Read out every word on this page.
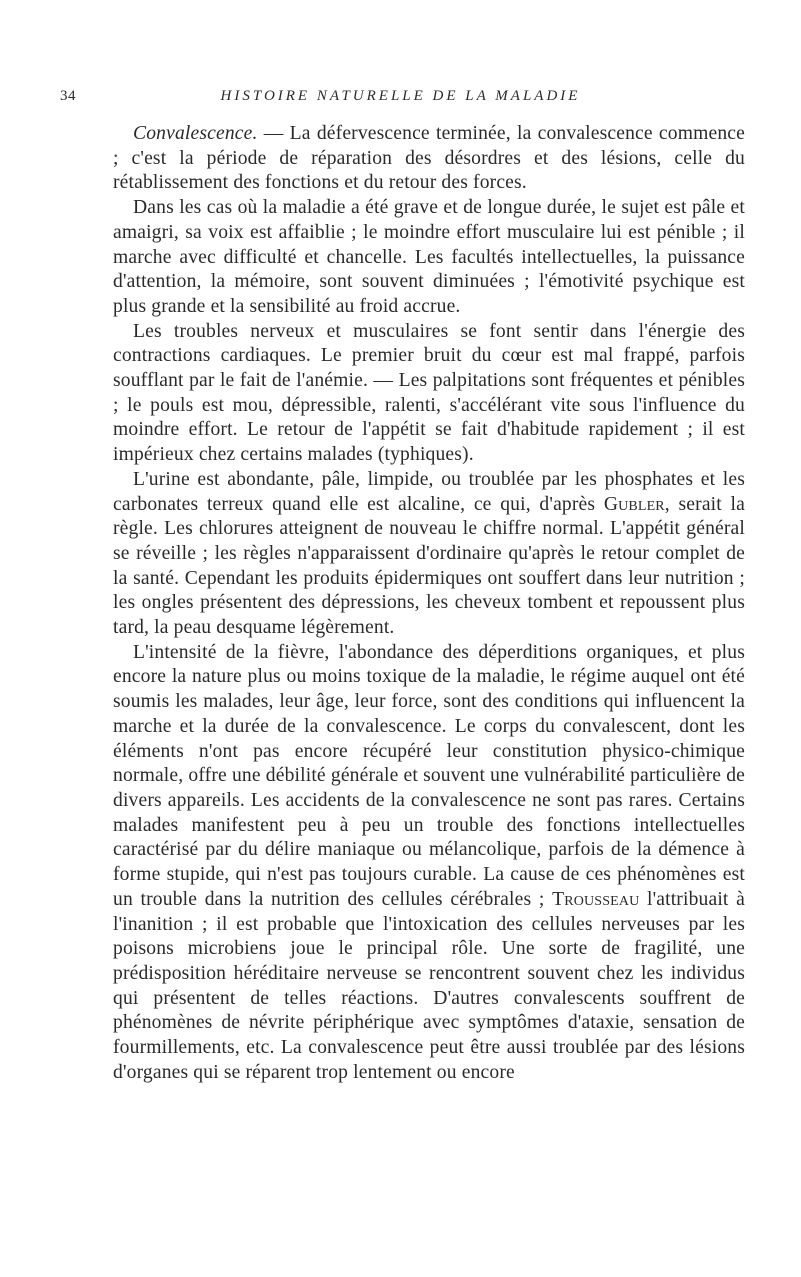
34	HISTOIRE NATURELLE DE LA MALADIE

Convalescence. — La défervescence terminée, la convalescence commence ; c'est la période de réparation des désordres et des lésions, celle du rétablissement des fonctions et du retour des forces.

Dans les cas où la maladie a été grave et de longue durée, le sujet est pâle et amaigri, sa voix est affaiblie ; le moindre effort musculaire lui est pénible ; il marche avec difficulté et chancelle. Les facultés intellectuelles, la puissance d'attention, la mémoire, sont souvent diminuées ; l'émotivité psychique est plus grande et la sensibilité au froid accrue.

Les troubles nerveux et musculaires se font sentir dans l'énergie des contractions cardiaques. Le premier bruit du cœur est mal frappé, parfois soufflant par le fait de l'anémie. — Les palpitations sont fréquentes et pénibles ; le pouls est mou, dépressible, ralenti, s'accélérant vite sous l'influence du moindre effort. Le retour de l'appétit se fait d'habitude rapidement ; il est impérieux chez certains malades (typhiques).

L'urine est abondante, pâle, limpide, ou troublée par les phosphates et les carbonates terreux quand elle est alcaline, ce qui, d'après Gubler, serait la règle. Les chlorures atteignent de nouveau le chiffre normal. L'appétit général se réveille ; les règles n'apparaissent d'ordinaire qu'après le retour complet de la santé. Cependant les produits épidermiques ont souffert dans leur nutrition ; les ongles présentent des dépressions, les cheveux tombent et repoussent plus tard, la peau desquame légèrement.

L'intensité de la fièvre, l'abondance des déperditions organiques, et plus encore la nature plus ou moins toxique de la maladie, le régime auquel ont été soumis les malades, leur âge, leur force, sont des conditions qui influencent la marche et la durée de la convalescence. Le corps du convalescent, dont les éléments n'ont pas encore récupéré leur constitution physico-chimique normale, offre une débilité générale et souvent une vulnérabilité particulière de divers appareils. Les accidents de la convalescence ne sont pas rares. Certains malades manifestent peu à peu un trouble des fonctions intellectuelles caractérisé par du délire maniaque ou mélancolique, parfois de la démence à forme stupide, qui n'est pas toujours curable. La cause de ces phénomènes est un trouble dans la nutrition des cellules cérébrales ; Trousseau l'attribuait à l'inanition ; il est probable que l'intoxication des cellules nerveuses par les poisons microbiens joue le principal rôle. Une sorte de fragilité, une prédisposition héréditaire nerveuse se rencontrent souvent chez les individus qui présentent de telles réactions. D'autres convalescents souffrent de phénomènes de névrite périphérique avec symptômes d'ataxie, sensation de fourmillements, etc. La convalescence peut être aussi troublée par des lésions d'organes qui se réparent trop lentement ou encore
